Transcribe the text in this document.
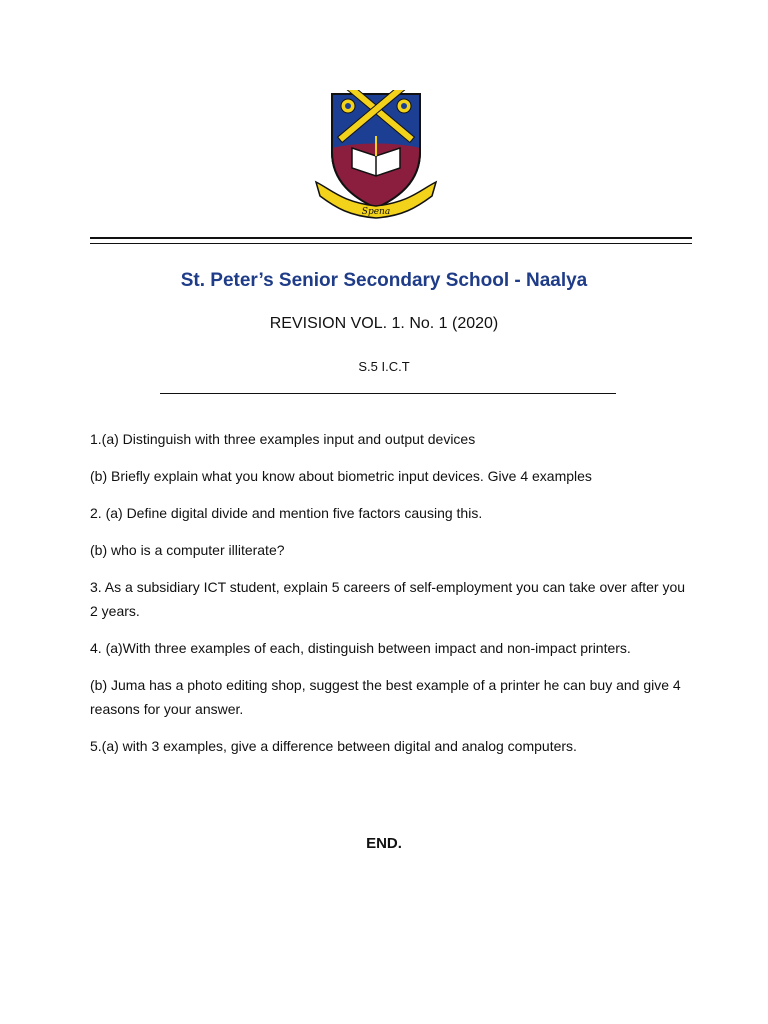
Spena
St. Peter’s Senior Secondary School - Naalya
REVISION VOL. 1. No. 1 (2020)
S.5 I.C.T

1.(a) Distinguish with three examples input and output devices

(b) Briefly explain what you know about biometric input devices. Give 4 examples

2. (a) Define digital divide and mention five factors causing this.

(b) who is a computer illiterate?

3. As a subsidiary ICT student, explain 5 careers of self-employment you can take over after you 2 years.

4. (a)With three examples of each, distinguish between impact and non-impact printers.

(b) Juma has a photo editing shop, suggest the best example of a printer he can buy and give 4 reasons for your answer.

5.(a) with 3 examples, give a difference between digital and analog computers.

END.
